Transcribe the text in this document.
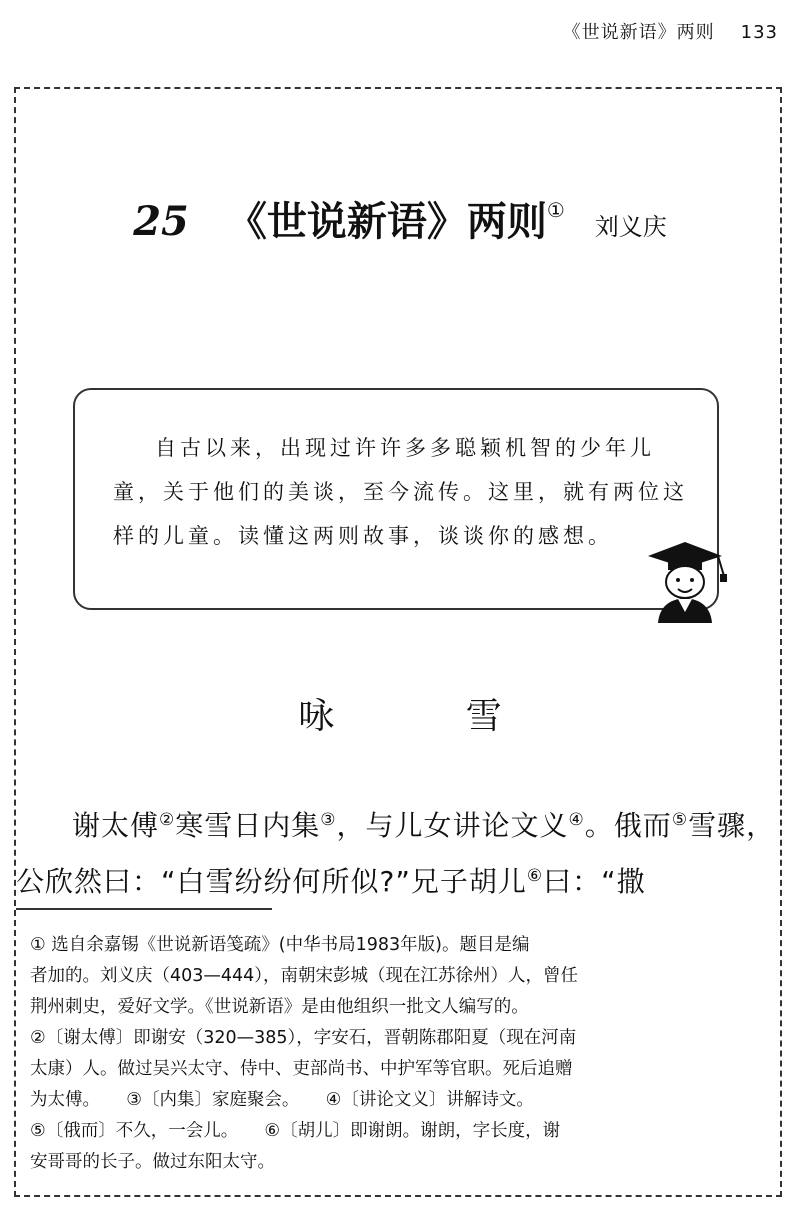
《世说新语》两则 133
25 《世说新语》两则①刘义庆

自古以来，出现过许许多多聪颖机智的少年儿童，关于他们的美谈，至今流传。这里，就有两位这样的儿童。读懂这两则故事，谈谈你的感想。

咏 雪

谢太傅②寒雪日内集③，与儿女讲论文义④。俄而⑤雪骤，公欣然曰：“白雪纷纷何所似?”兄子胡儿⑥曰：“撒

① 选自余嘉锡《世说新语笺疏》(中华书局1983年版)。题目是编
者加的。刘义庆（403—444），南朝宋彭城（现在江苏徐州）人，曾任
荆州刺史，爱好文学。《世说新语》是由他组织一批文人编写的。
②〔谢太傅〕即谢安（320—385），字安石，晋朝陈郡阳夏（现在河南
太康）人。做过吴兴太守、侍中、吏部尚书、中护军等官职。死后追赠
为太傅。　　③〔内集〕家庭聚会。　　④〔讲论文义〕讲解诗文。
⑤〔俄而〕不久，一会儿。　　⑥〔胡儿〕即谢朗。谢朗，字长度，谢
安哥哥的长子。做过东阳太守。
